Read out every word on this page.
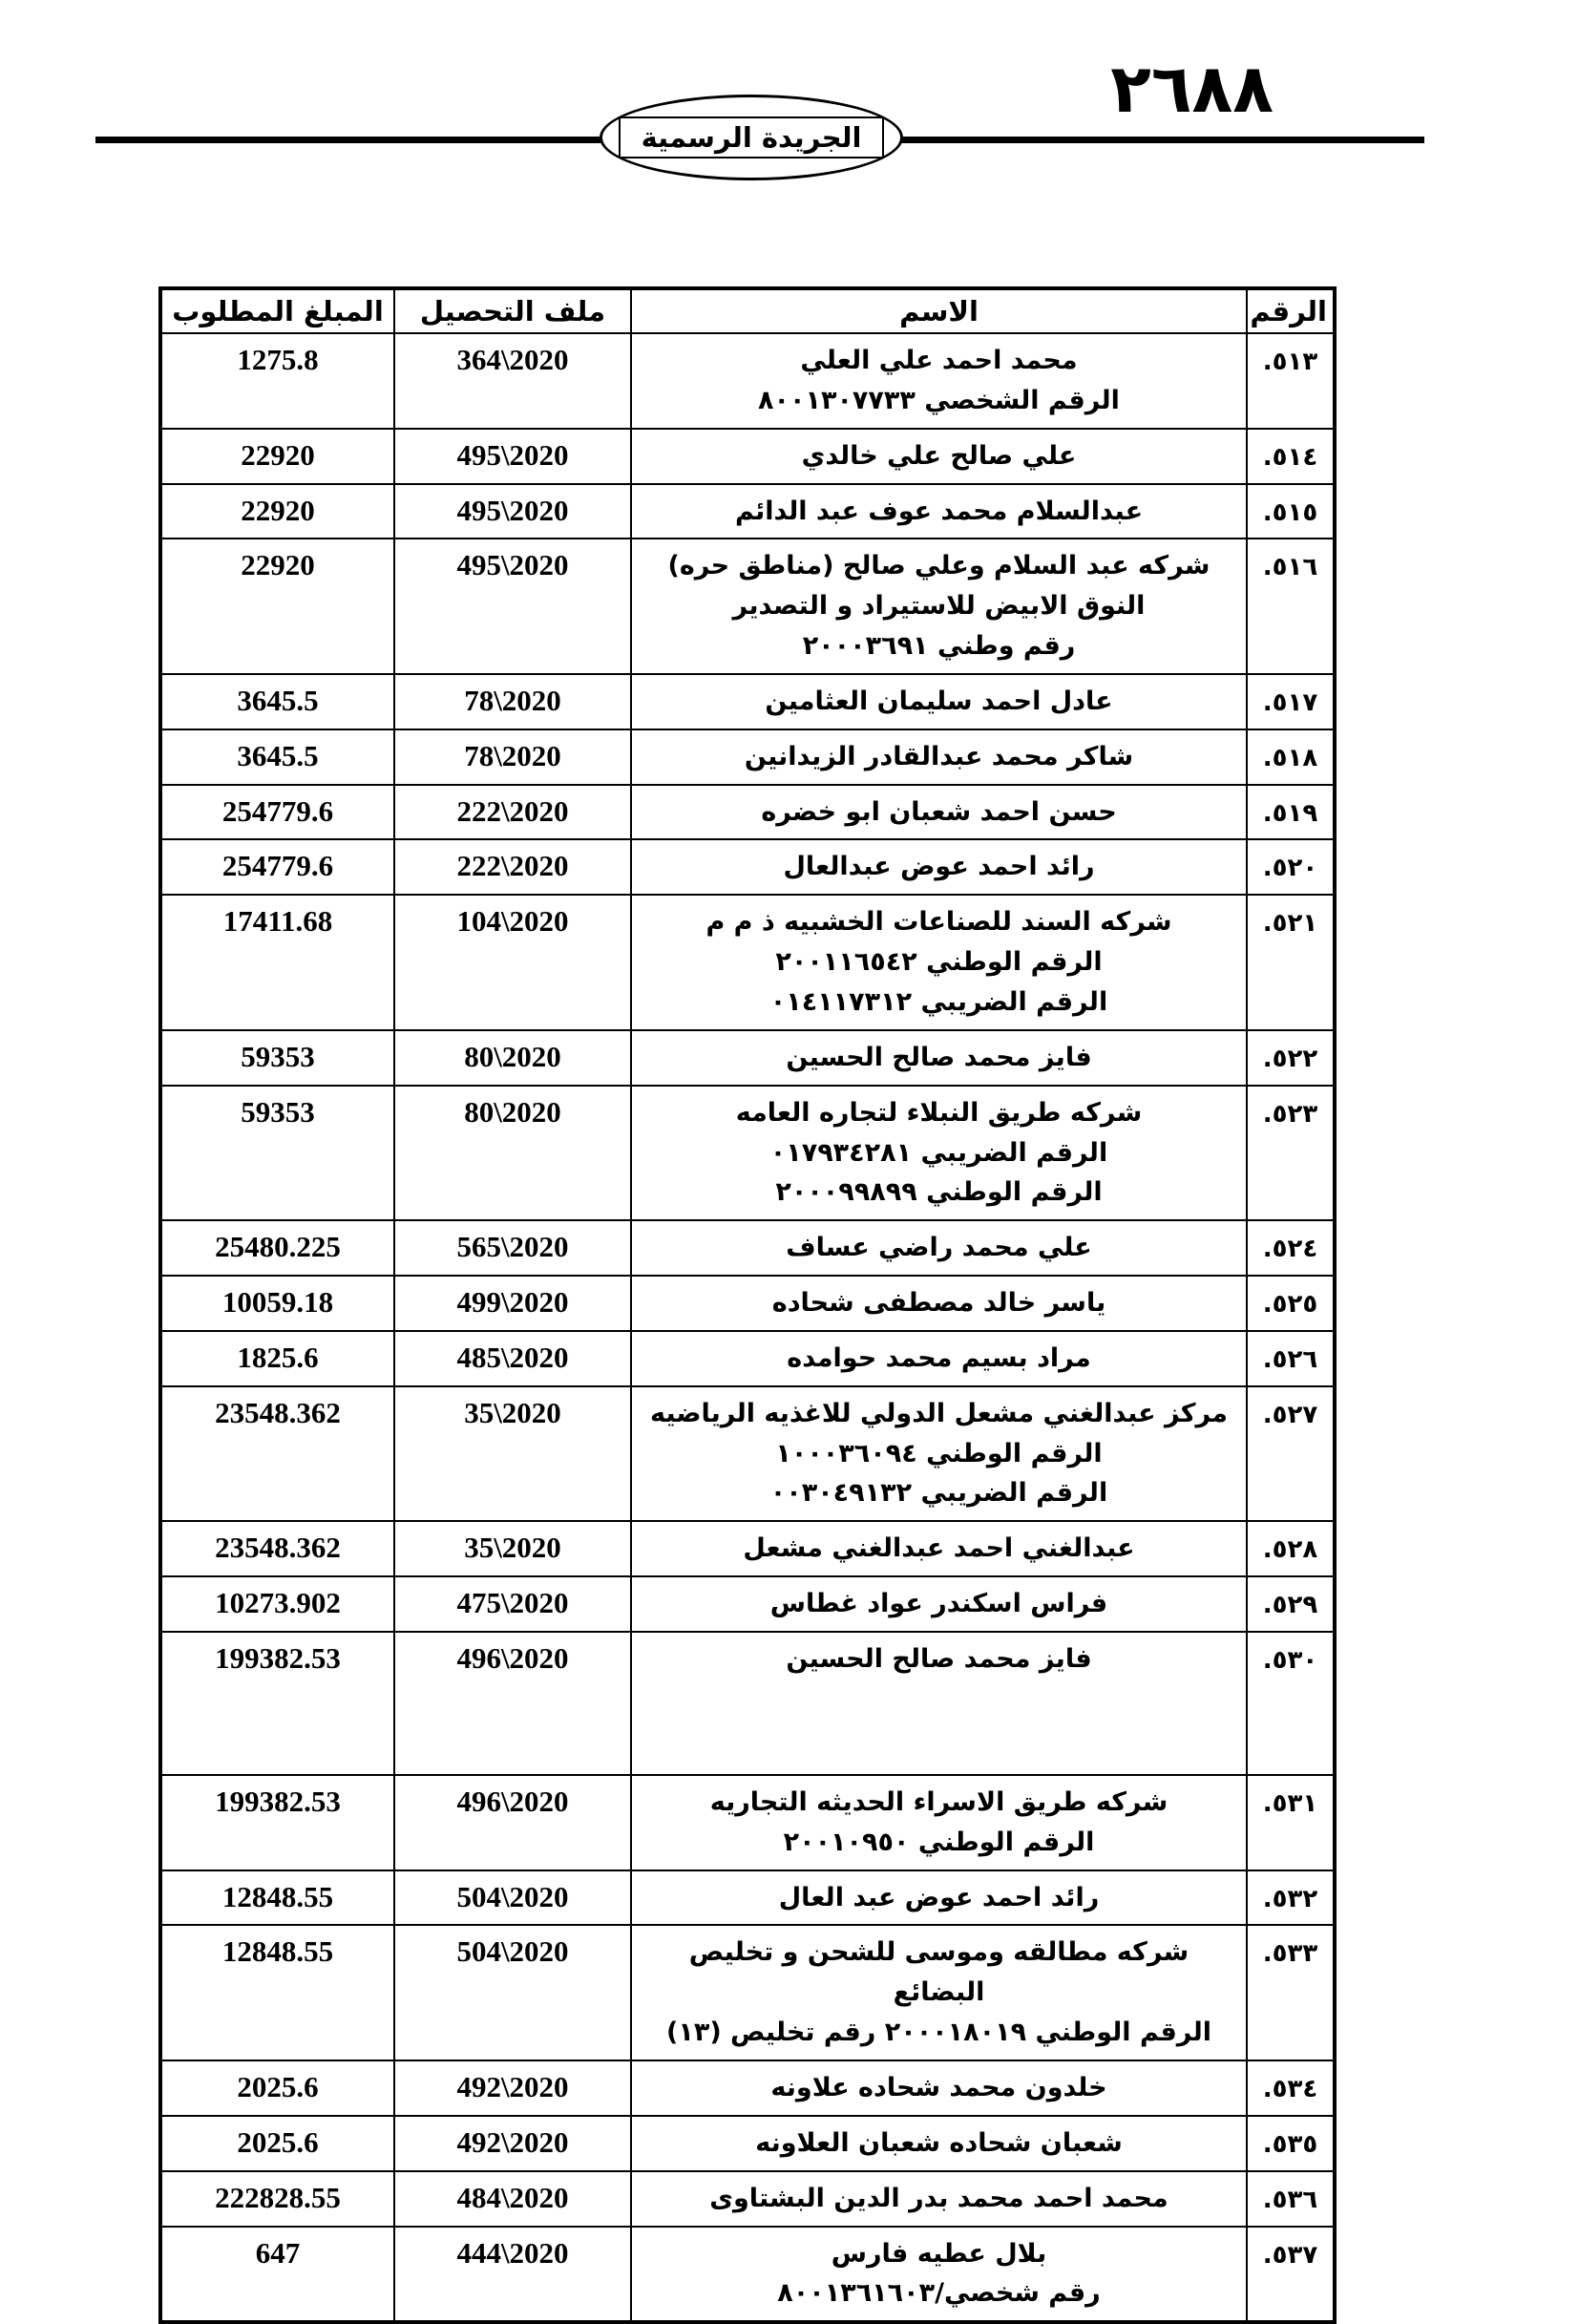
٢٦٨٨
الجريدة الرسمية
الرقم	الاسم	ملف التحصيل	المبلغ المطلوب
٥١٣.	محمد احمد علي العلي
الرقم الشخصي ٨٠٠١٣٠٧٧٣٣	364\2020	1275.8
٥١٤.	علي صالح علي خالدي	495\2020	22920
٥١٥.	عبدالسلام محمد عوف عبد الدائم	495\2020	22920
٥١٦.	شركه عبد السلام وعلي صالح (مناطق حره)
النوق الابيض للاستيراد و التصدير
رقم وطني ٢٠٠٠٣٦٩١	495\2020	22920
٥١٧.	عادل احمد سليمان العثامين	78\2020	3645.5
٥١٨.	شاكر محمد عبدالقادر الزيدانين	78\2020	3645.5
٥١٩.	حسن احمد شعبان ابو خضره	222\2020	254779.6
٥٢٠.	رائد احمد عوض عبدالعال	222\2020	254779.6
٥٢١.	شركه السند للصناعات الخشبيه ذ م م
الرقم الوطني ٢٠٠١١٦٥٤٢
الرقم الضريبي ٠١٤١١٧٣١٢	104\2020	17411.68
٥٢٢.	فايز محمد صالح الحسين	80\2020	59353
٥٢٣.	شركه طريق النبلاء لتجاره العامه
الرقم الضريبي ٠١٧٩٣٤٢٨١
الرقم الوطني ٢٠٠٠٩٩٨٩٩	80\2020	59353
٥٢٤.	علي محمد راضي عساف	565\2020	25480.225
٥٢٥.	ياسر خالد مصطفى شحاده	499\2020	10059.18
٥٢٦.	مراد بسيم محمد حوامده	485\2020	1825.6
٥٢٧.	مركز عبدالغني مشعل الدولي للاغذيه الرياضيه
الرقم الوطني ١٠٠٠٣٦٠٩٤
الرقم الضريبي ٠٠٣٠٤٩١٣٢	35\2020	23548.362
٥٢٨.	عبدالغني احمد عبدالغني مشعل	35\2020	23548.362
٥٢٩.	فراس اسكندر عواد غطاس	475\2020	10273.902
٥٣٠.	فايز محمد صالح الحسين	496\2020	199382.53
٥٣١.	شركه طريق الاسراء الحديثه التجاريه
الرقم الوطني ٢٠٠١٠٩٥٠	496\2020	199382.53
٥٣٢.	رائد احمد عوض عبد العال	504\2020	12848.55
٥٣٣.	شركه مطالقه وموسى للشحن و تخليص البضائع
الرقم الوطني ٢٠٠٠١٨٠١٩ رقم تخليص (١٣)	504\2020	12848.55
٥٣٤.	خلدون محمد شحاده علاونه	492\2020	2025.6
٥٣٥.	شعبان شحاده شعبان العلاونه	492\2020	2025.6
٥٣٦.	محمد احمد محمد بدر الدين البشتاوى	484\2020	222828.55
٥٣٧.	بلال عطيه فارس
رقم شخصي/٨٠٠١٣٦١٦٠٣	444\2020	647
